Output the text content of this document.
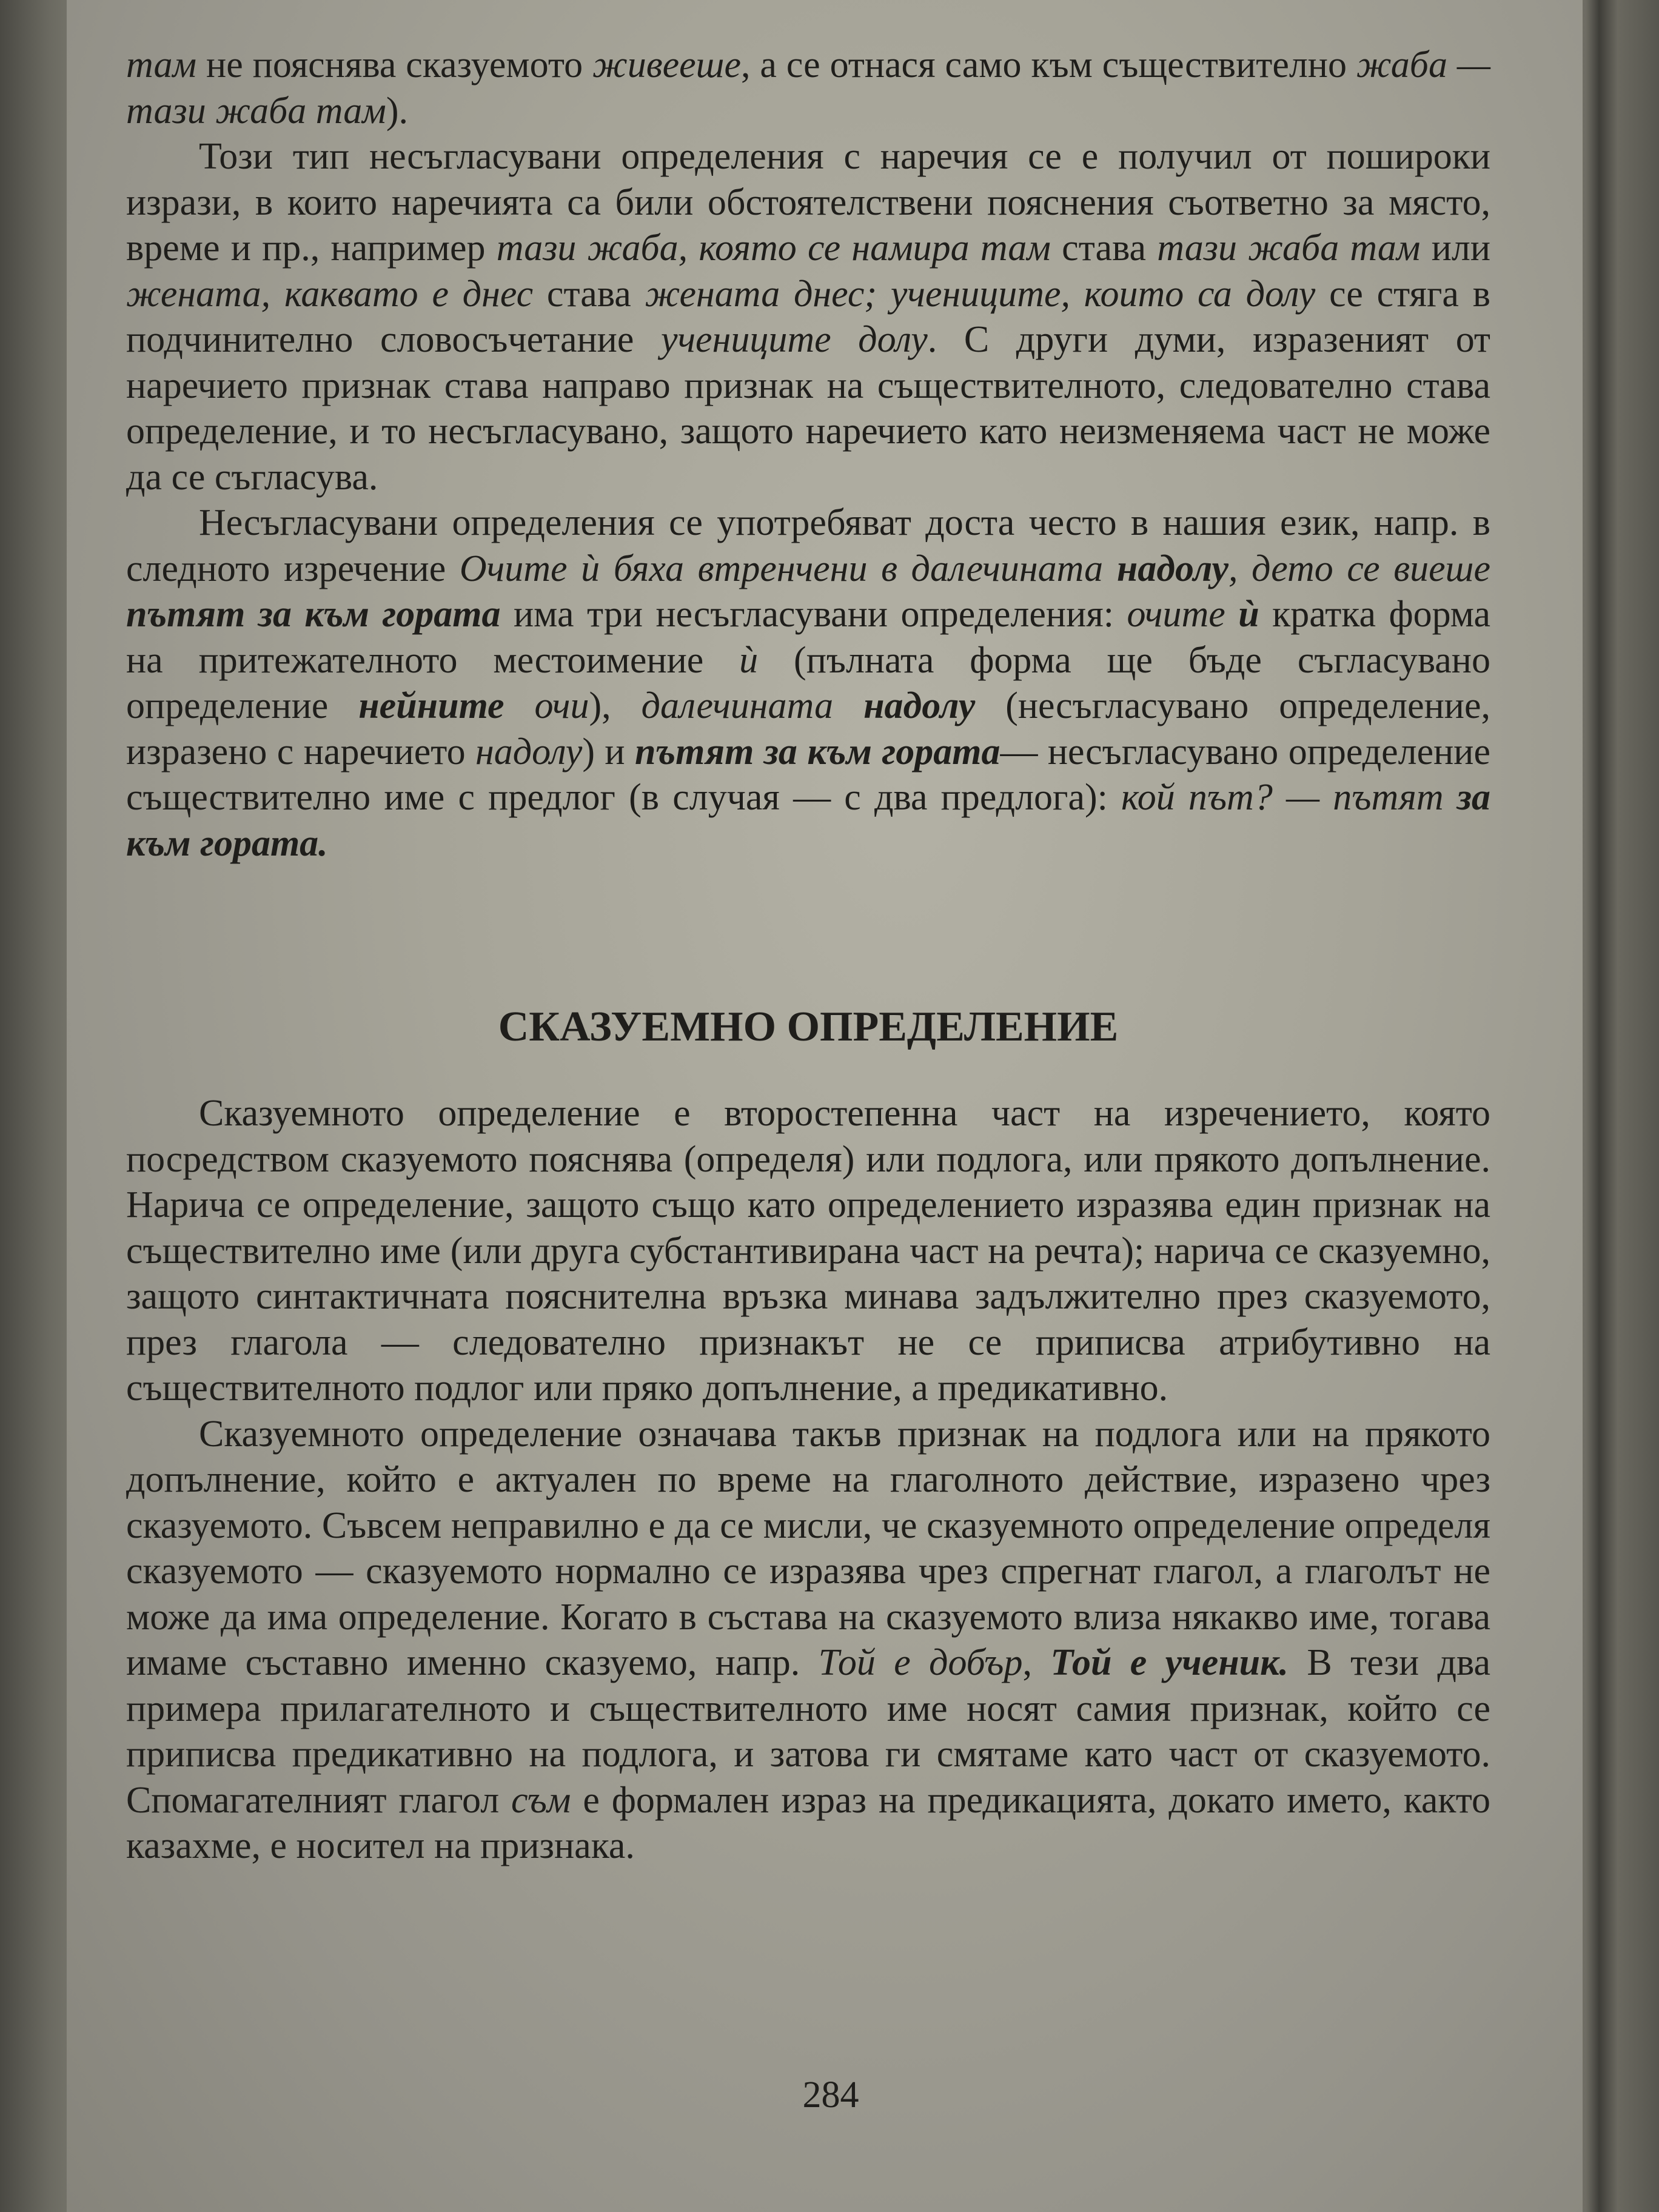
там не пояснява сказуемото живееше, а се отнася само към съществително жаба — тази жаба там).

Този тип несъгласувани определения с наречия се е получил от пошироки изрази, в които наречията са били обстоятелствени пояснения съответно за място, време и пр., например тази жаба, която се намира там става тази жаба там или жената, каквато е днес става жената днес; учениците, които са долу се стяга в подчинително словосъчетание учениците долу. С други думи, изразеният от наречието признак става направо признак на съществителното, следователно става определение, и то несъгласувано, защото наречието като неизменяема част не може да се съгласува.

Несъгласувани определения се употребяват доста често в нашия език, напр. в следното изречение Очите ѝ бяха втренчени в далечината надолу, дето се виеше пътят за към гората има три несъгласувани определения: очите ѝ кратка форма на притежателното местоимение ѝ (пълната форма ще бъде съгласувано определение нейните очи), далечината надолу (несъгласувано определение, изразено с наречието надолу) и пътят за към гората— несъгласувано определение съществително име с предлог (в случая — с два предлога): кой път? — пътят за към гората.

СКАЗУЕМНО ОПРЕДЕЛЕНИЕ

Сказуемното определение е второстепенна част на изречението, която посредством сказуемото пояснява (определя) или подлога, или прякото допълнение. Нарича се определение, защото също като определението изразява един признак на съществително име (или друга субстантивирана част на речта); нарича се сказуемно, защото синтактичната пояснителна връзка минава задължително през сказуемото, през глагола — следователно признакът не се приписва атрибутивно на съществителното подлог или пряко допълнение, а предикативно.

Сказуемното определение означава такъв признак на подлога или на прякото допълнение, който е актуален по време на глаголното действие, изразено чрез сказуемото. Съвсем неправилно е да се мисли, че сказуемното определение определя сказуемото — сказуемото нормално се изразява чрез спрегнат глагол, а глаголът не може да има определение. Когато в състава на сказуемото влиза някакво име, тогава имаме съставно именно сказуемо, напр. Той е добър, Той е ученик. В тези два примера прилагателното и съществителното име носят самия признак, който се приписва предикативно на подлога, и затова ги смятаме като част от сказуемото. Спомагателният глагол съм е формален израз на предикацията, докато името, както казахме, е носител на признака.

284
